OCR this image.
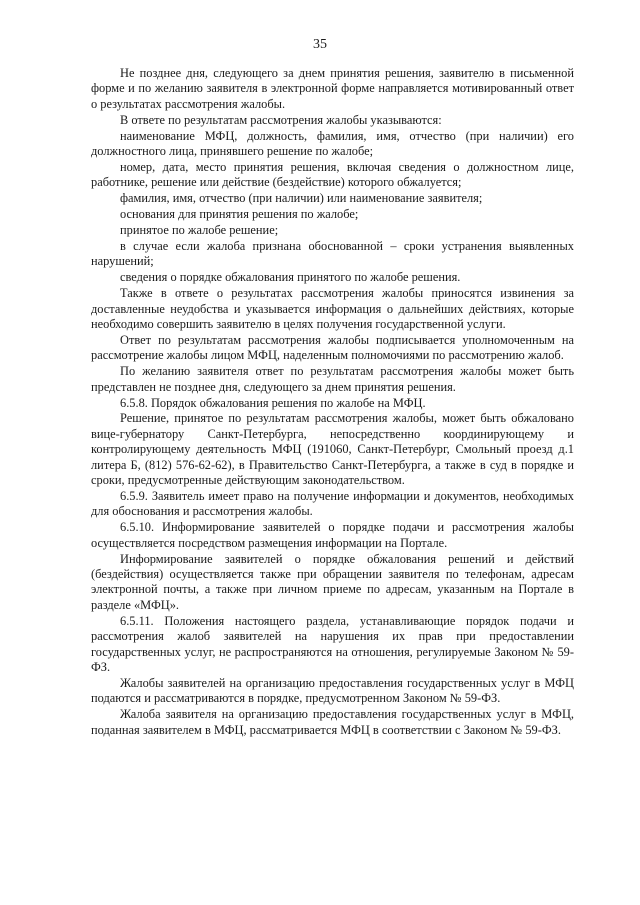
35

Не позднее дня, следующего за днем принятия решения, заявителю в письменной форме и по желанию заявителя в электронной форме направляется мотивированный ответ о результатах рассмотрения жалобы.

В ответе по результатам рассмотрения жалобы указываются:

наименование МФЦ, должность, фамилия, имя, отчество (при наличии) его должностного лица, принявшего решение по жалобе;

номер, дата, место принятия решения, включая сведения о должностном лице, работнике, решение или действие (бездействие) которого обжалуется;

фамилия, имя, отчество (при наличии) или наименование заявителя;

основания для принятия решения по жалобе;

принятое по жалобе решение;

в случае если жалоба признана обоснованной – сроки устранения выявленных нарушений;

сведения о порядке обжалования принятого по жалобе решения.

Также в ответе о результатах рассмотрения жалобы приносятся извинения за доставленные неудобства и указывается информация о дальнейших действиях, которые необходимо совершить заявителю в целях получения государственной услуги.

Ответ по результатам рассмотрения жалобы подписывается уполномоченным на рассмотрение жалобы лицом МФЦ, наделенным полномочиями по рассмотрению жалоб.

По желанию заявителя ответ по результатам рассмотрения жалобы может быть представлен не позднее дня, следующего за днем принятия решения.

6.5.8. Порядок обжалования решения по жалобе на МФЦ.

Решение, принятое по результатам рассмотрения жалобы, может быть обжаловано вице-губернатору Санкт-Петербурга, непосредственно координирующему и контролирующему деятельность МФЦ (191060, Санкт-Петербург, Смольный проезд д.1 литера Б, (812) 576-62-62), в Правительство Санкт-Петербурга, а также в суд в порядке и сроки, предусмотренные действующим законодательством.

6.5.9. Заявитель имеет право на получение информации и документов, необходимых для обоснования и рассмотрения жалобы.

6.5.10. Информирование заявителей о порядке подачи и рассмотрения жалобы осуществляется посредством размещения информации на Портале.

Информирование заявителей о порядке обжалования решений и действий (бездействия) осуществляется также при обращении заявителя по телефонам, адресам электронной почты, а также при личном приеме по адресам, указанным на Портале в разделе «МФЦ».

6.5.11. Положения настоящего раздела, устанавливающие порядок подачи и рассмотрения жалоб заявителей на нарушения их прав при предоставлении государственных услуг, не распространяются на отношения, регулируемые Законом № 59-ФЗ.

Жалобы заявителей на организацию предоставления государственных услуг в МФЦ подаются и рассматриваются в порядке, предусмотренном Законом № 59-ФЗ.

Жалоба заявителя на организацию предоставления государственных услуг в МФЦ, поданная заявителем в МФЦ, рассматривается МФЦ в соответствии с Законом № 59-ФЗ.
